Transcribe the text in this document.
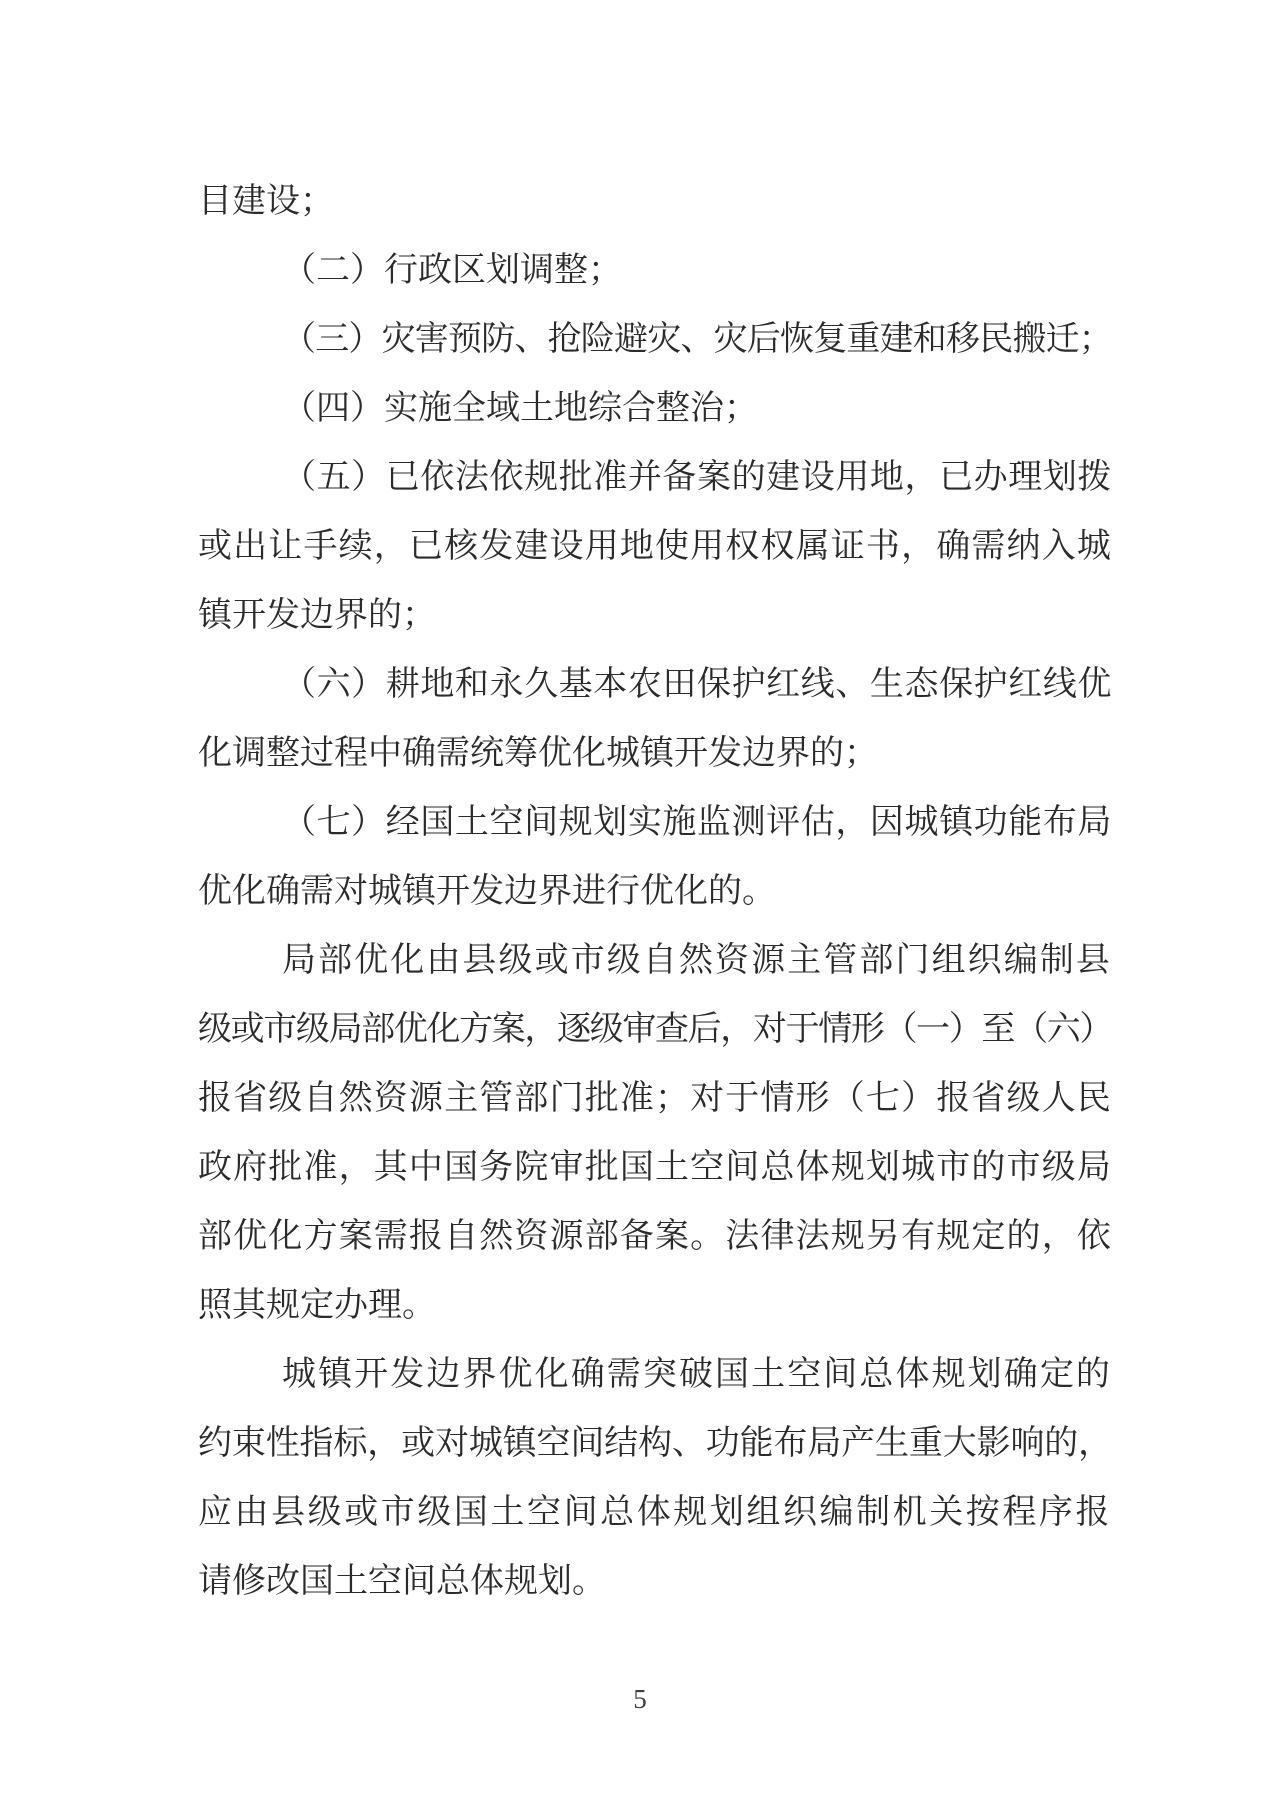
目建设；
（二）行政区划调整；
（三）灾害预防、抢险避灾、灾后恢复重建和移民搬迁；
（四）实施全域土地综合整治；
（五）已依法依规批准并备案的建设用地，已办理划拨
或出让手续，已核发建设用地使用权权属证书，确需纳入城
镇开发边界的；
（六）耕地和永久基本农田保护红线、生态保护红线优
化调整过程中确需统筹优化城镇开发边界的；
（七）经国土空间规划实施监测评估，因城镇功能布局
优化确需对城镇开发边界进行优化的。
局部优化由县级或市级自然资源主管部门组织编制县
级或市级局部优化方案，逐级审查后，对于情形（一）至（六）
报省级自然资源主管部门批准；对于情形（七）报省级人民
政府批准，其中国务院审批国土空间总体规划城市的市级局
部优化方案需报自然资源部备案。法律法规另有规定的，依
照其规定办理。
城镇开发边界优化确需突破国土空间总体规划确定的
约束性指标，或对城镇空间结构、功能布局产生重大影响的，
应由县级或市级国土空间总体规划组织编制机关按程序报
请修改国土空间总体规划。
5
